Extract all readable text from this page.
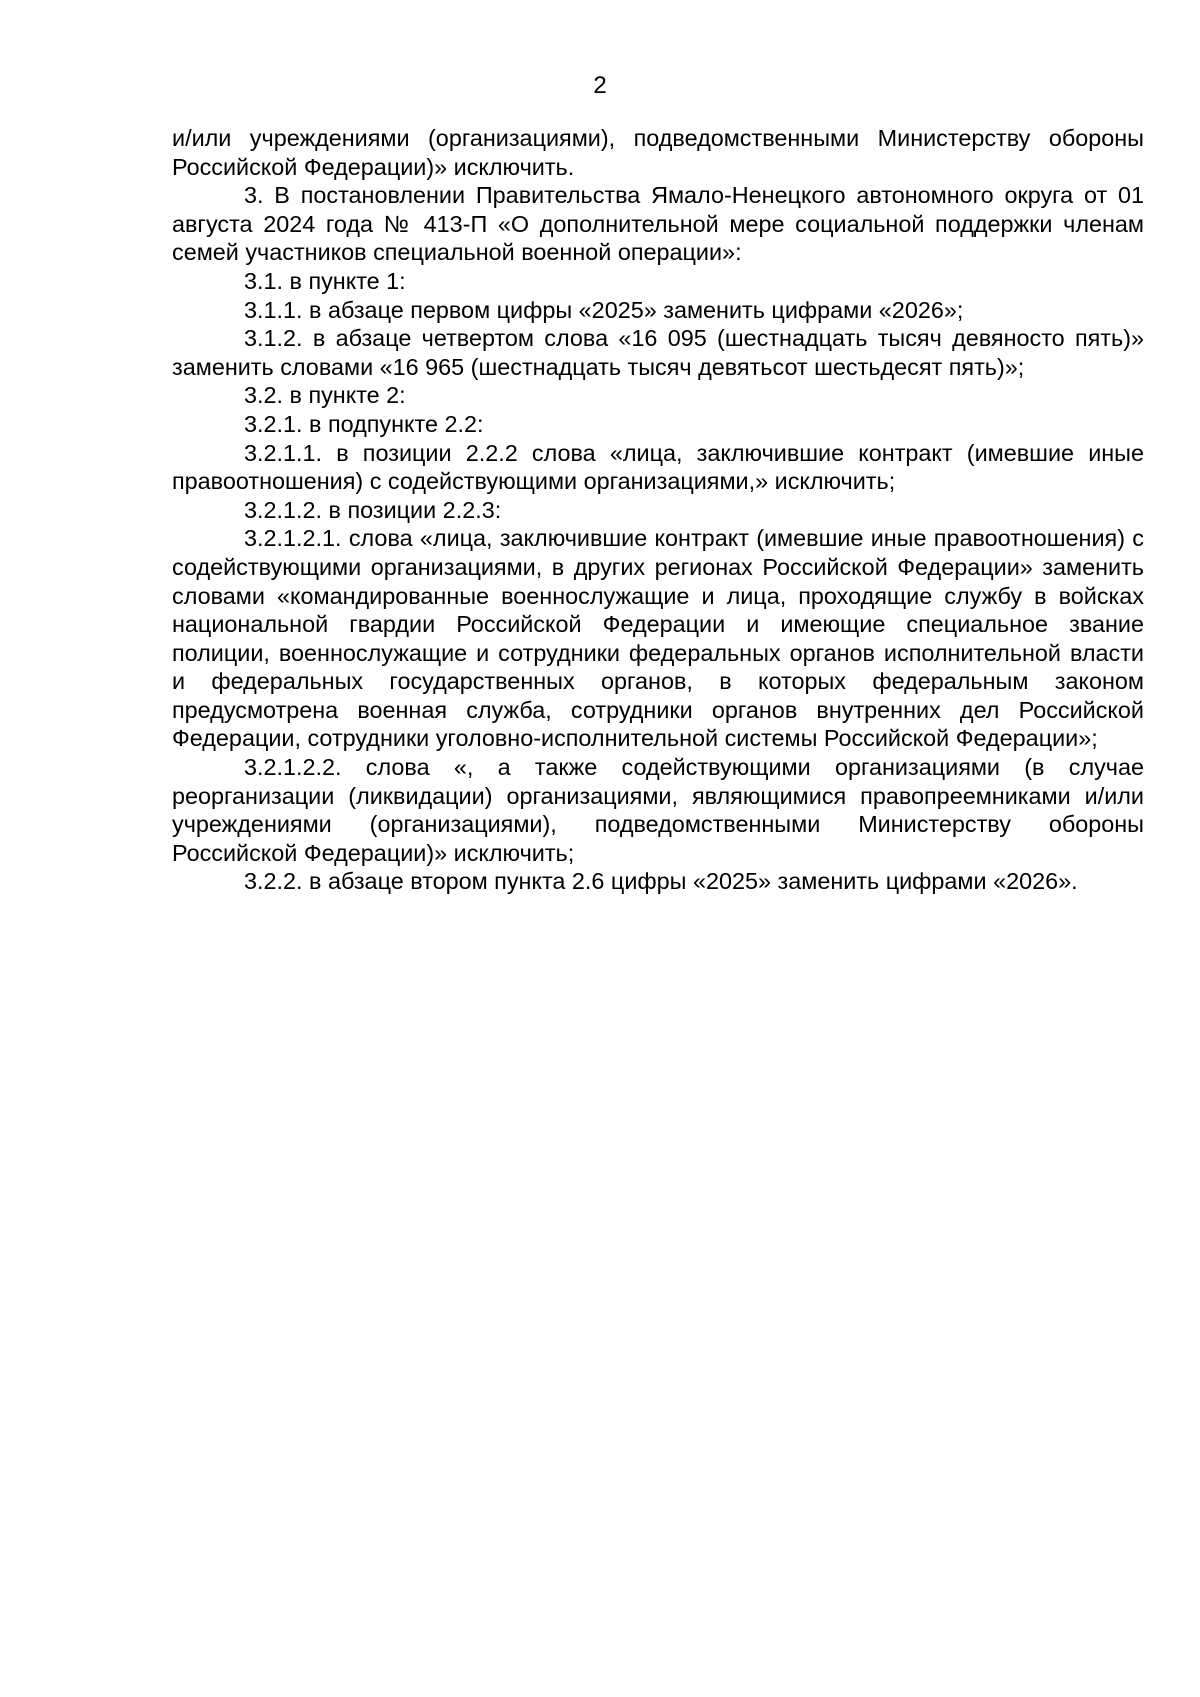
2

и/или учреждениями (организациями), подведомственными Министерству обороны Российской Федерации)» исключить.

3. В постановлении Правительства Ямало-Ненецкого автономного округа от 01 августа 2024 года № 413-П «О дополнительной мере социальной поддержки членам семей участников специальной военной операции»:

3.1. в пункте 1:

3.1.1. в абзаце первом цифры «2025» заменить цифрами «2026»;

3.1.2. в абзаце четвертом слова «16 095 (шестнадцать тысяч девяносто пять)» заменить словами «16 965 (шестнадцать тысяч девятьсот шестьдесят пять)»;

3.2. в пункте 2:

3.2.1. в подпункте 2.2:

3.2.1.1. в позиции 2.2.2 слова «лица, заключившие контракт (имевшие иные правоотношения) с содействующими организациями,» исключить;

3.2.1.2. в позиции 2.2.3:

3.2.1.2.1. слова «лица, заключившие контракт (имевшие иные правоотношения) с содействующими организациями, в других регионах Российской Федерации» заменить словами «командированные военнослужащие и лица, проходящие службу в войсках национальной гвардии Российской Федерации и имеющие специальное звание полиции, военнослужащие и сотрудники федеральных органов исполнительной власти и федеральных государственных органов, в которых федеральным законом предусмотрена военная служба, сотрудники органов внутренних дел Российской Федерации, сотрудники уголовно-исполнительной системы Российской Федерации»;

3.2.1.2.2. слова «, а также содействующими организациями (в случае реорганизации (ликвидации) организациями, являющимися правопреемниками и/или учреждениями (организациями), подведомственными Министерству обороны Российской Федерации)» исключить;

3.2.2. в абзаце втором пункта 2.6 цифры «2025» заменить цифрами «2026».
